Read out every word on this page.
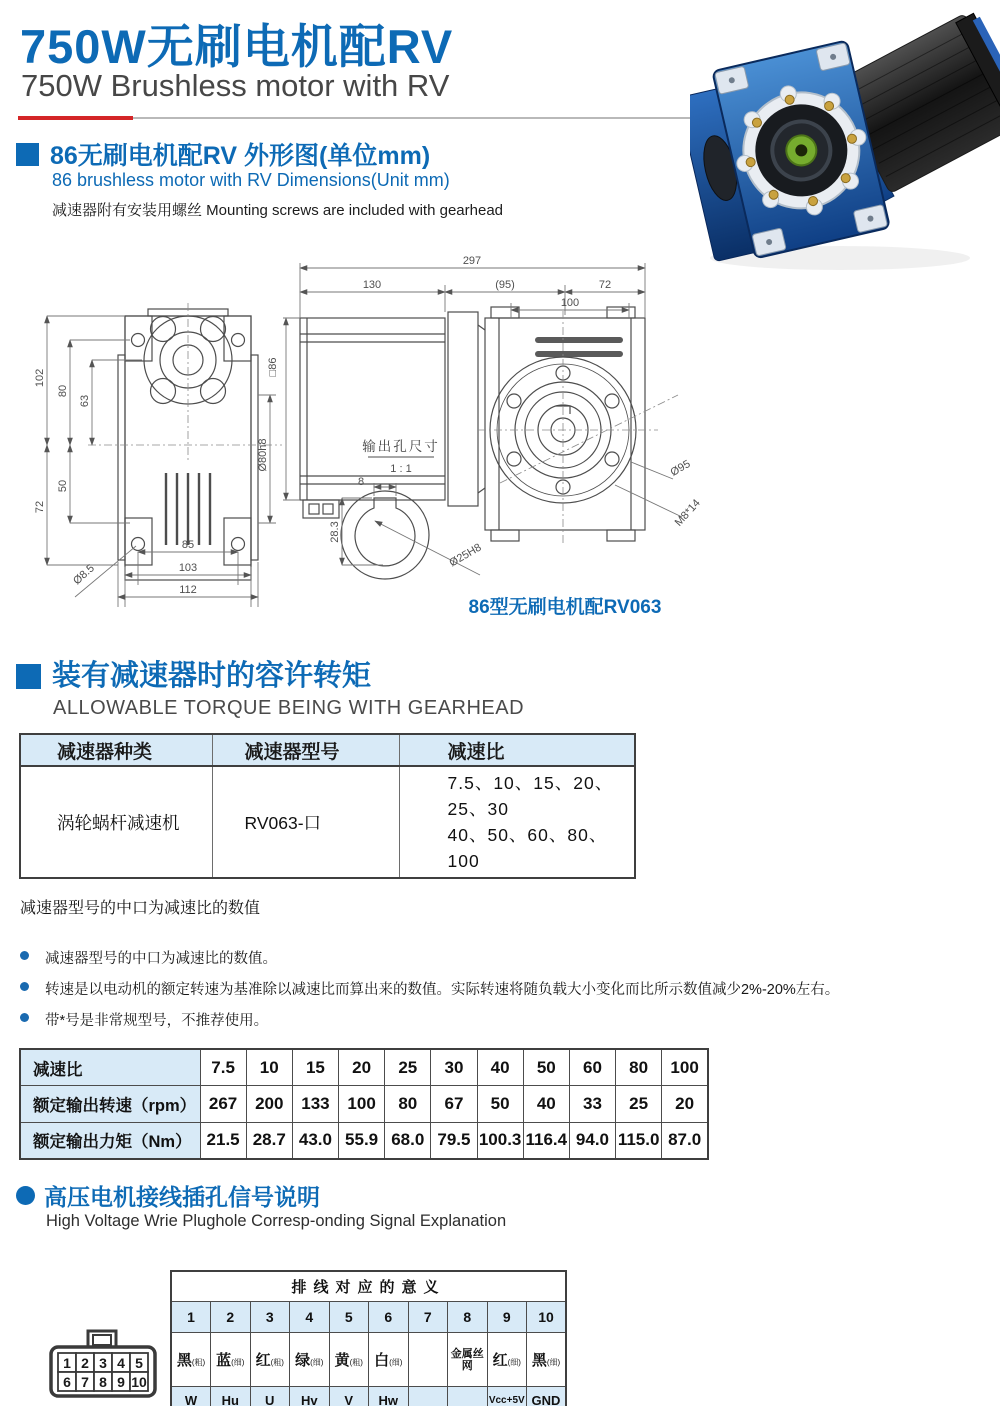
750W无刷电机配RV
750W Brushless motor with RV
86无刷电机配RV 外形图(单位mm)
86 brushless motor with RV Dimensions(Unit mm)
减速器附有安装用螺丝 Mounting screws are included with gearhead
102
80
63
72
50
85
103
112
Ø8.5
Ø80h8
297
130	(95)	72
100
□86
Ø95
M8*14
输出孔尺寸
1 : 1
8
28.3
Ø25H8
86型无刷电机配RV063
装有减速器时的容许转矩
ALLOWABLE TORQUE BEING WITH GEARHEAD
减速器种类	减速器型号	减速比
涡轮蜗杆减速机	RV063-口	7.5、10、15、20、25、30
40、50、60、80、100
减速器型号的中口为减速比的数值
减速器型号的中口为减速比的数值。
转速是以电动机的额定转速为基准除以减速比而算出来的数值。实际转速将随负载大小变化而比所示数值减少2%-20%左右。
带*号是非常规型号，不推荐使用。
减速比	7.5	10	15	20	25	30	40	50	60	80	100
额定输出转速（rpm）	267	200	133	100	80	67	50	40	33	25	20
额定输出力矩（Nm）	21.5	28.7	43.0	55.9	68.0	79.5	100.3	116.4	94.0	115.0	87.0
高压电机接线插孔信号说明
High Voltage Wrie Plughole Corresp-onding Signal Explanation
1 2 3 4 5
6 7 8 9 10
排线对应的意义									
1	2	3	4	5	6	7	8	9	10
黑(粗)	蓝(细)	红(粗)	绿(细)	黄(粗)	白(细)		金属丝网	红(细)	黑(细)
W	Hu	U	Hv	V	Hw			Vcc+5V	GND
